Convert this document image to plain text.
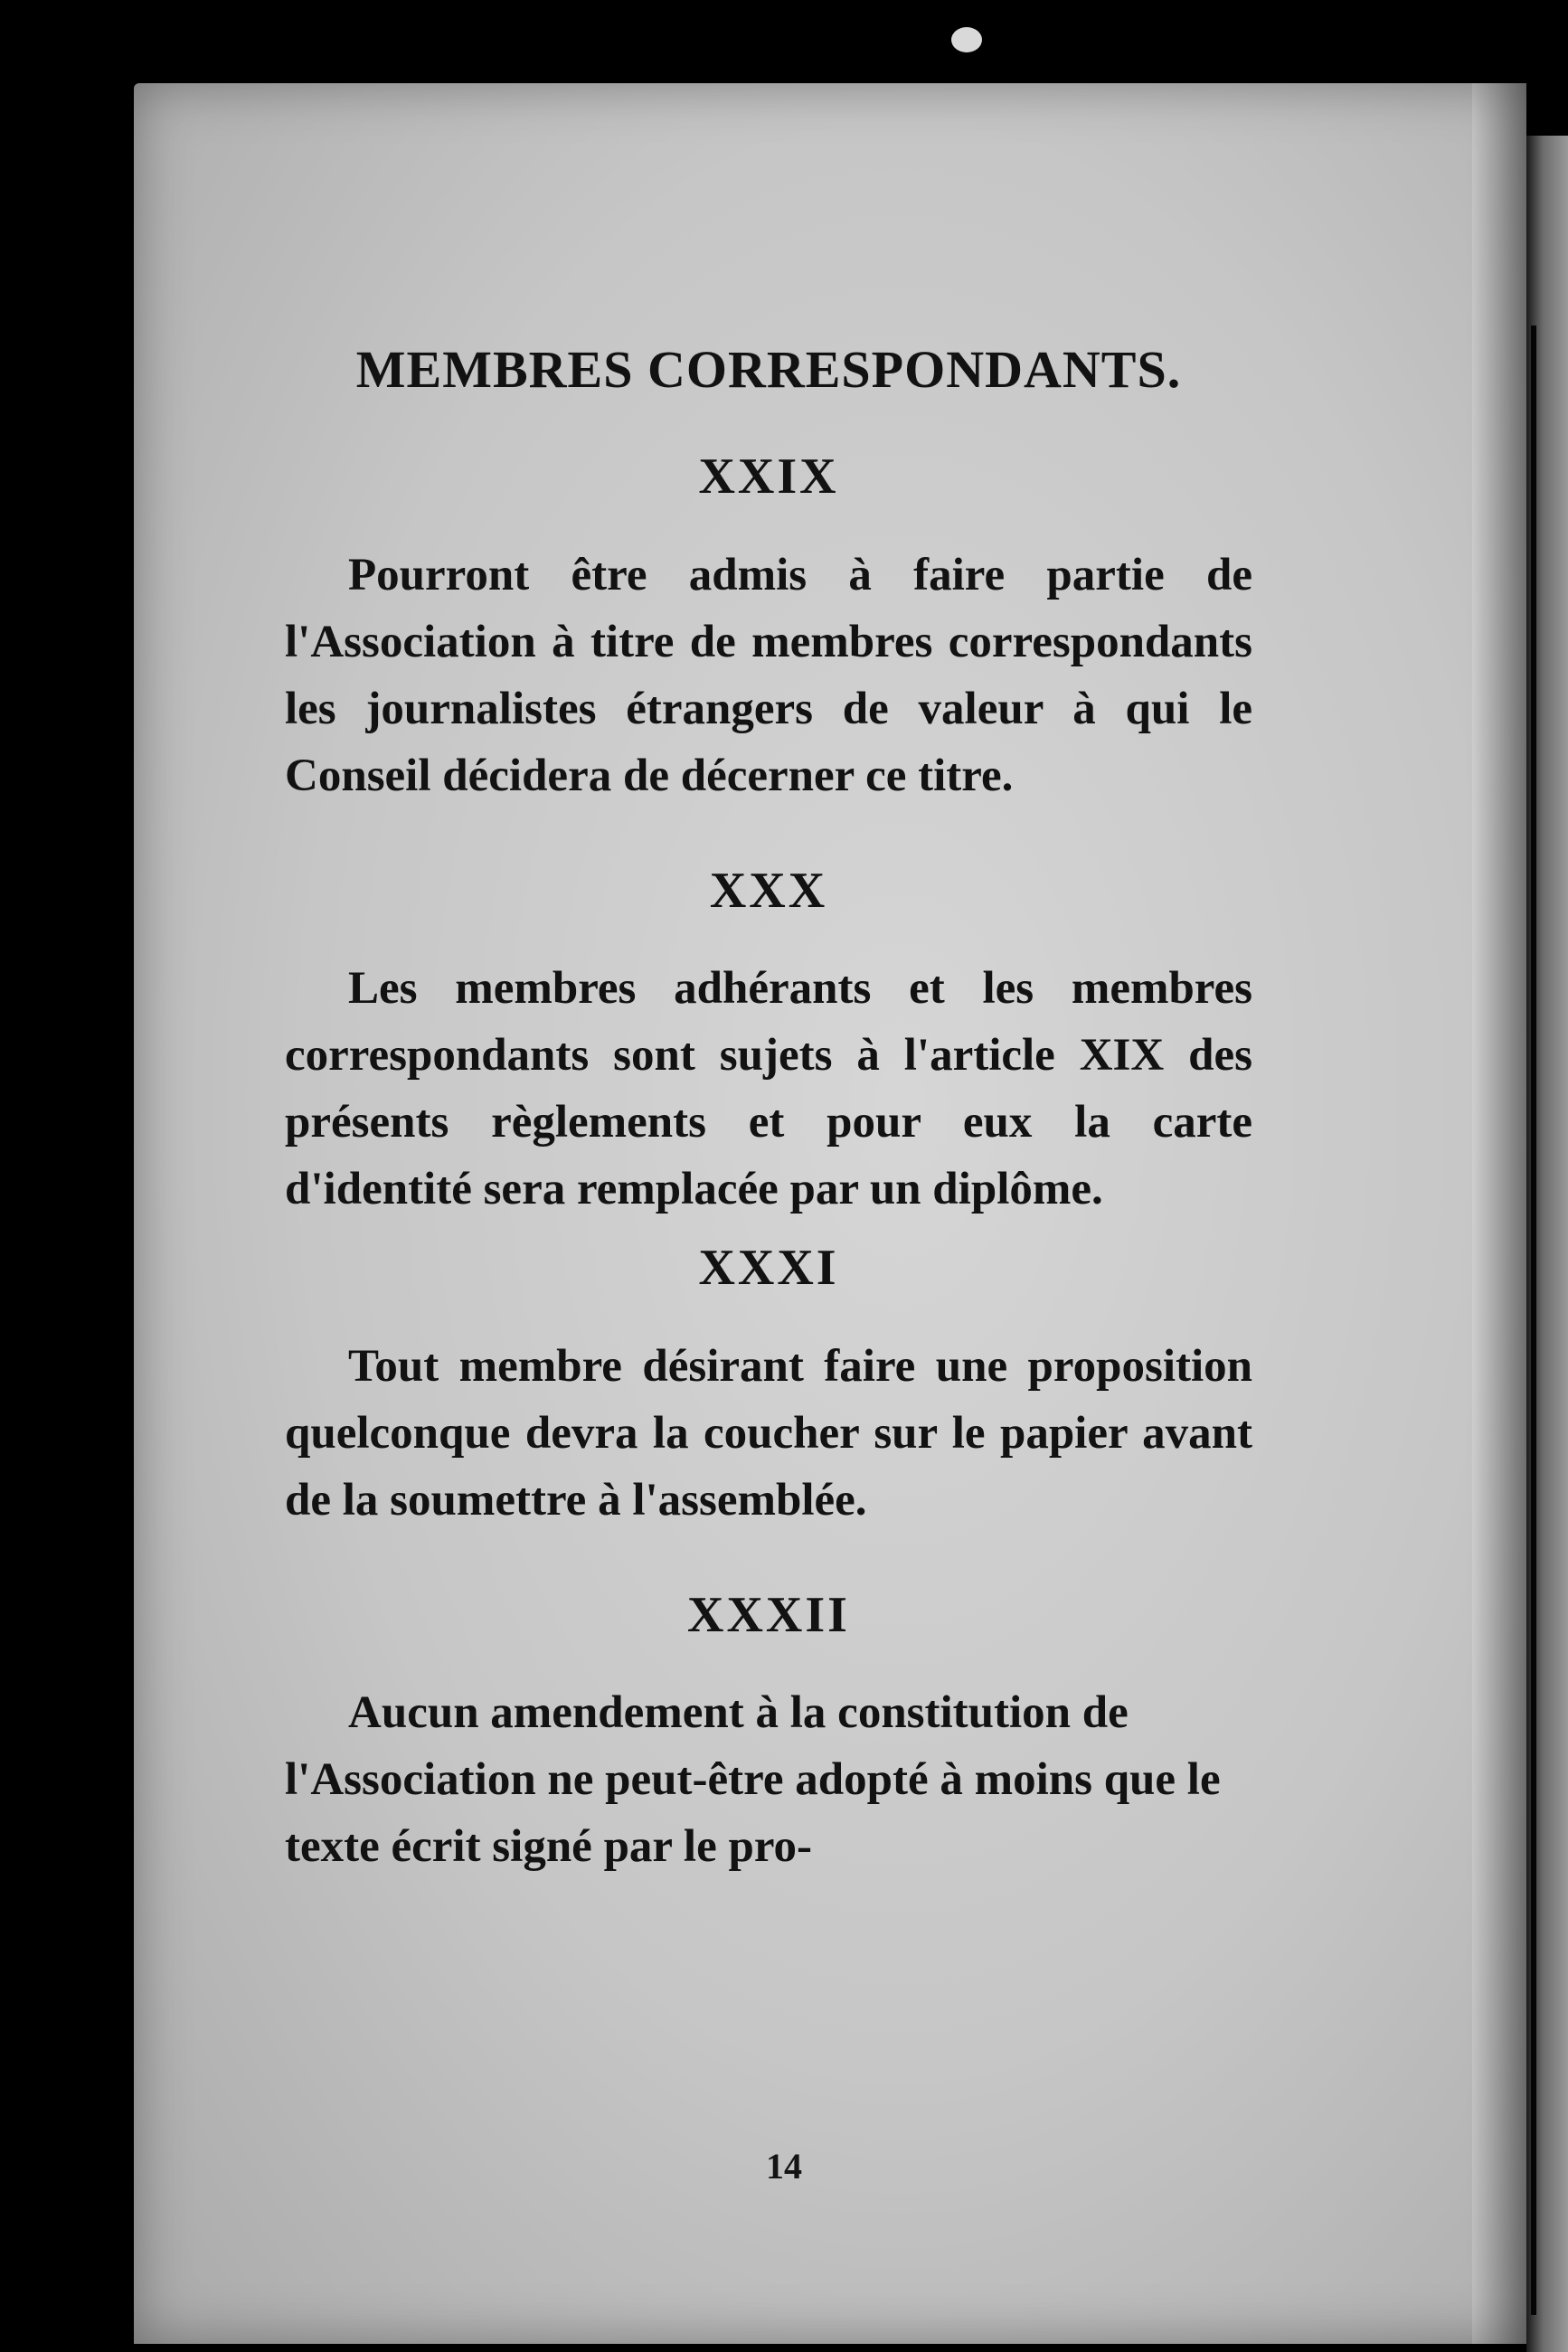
MEMBRES CORRESPONDANTS.
XXIX

Pourront être admis à faire partie de l'Association à titre de membres correspondants les journalistes étrangers de valeur à qui le Conseil décidera de décerner ce titre.

XXX

Les membres adhérants et les membres correspondants sont sujets à l'article XIX des présents règlements et pour eux la carte d'identité sera remplacée par un diplôme.

XXXI

Tout membre désirant faire une proposition quelconque devra la coucher sur le papier avant de la soumettre à l'assemblée.

XXXII

Aucun amendement à la constitution de l'Association ne peut-être adopté à moins que le texte écrit signé par le pro-

14
